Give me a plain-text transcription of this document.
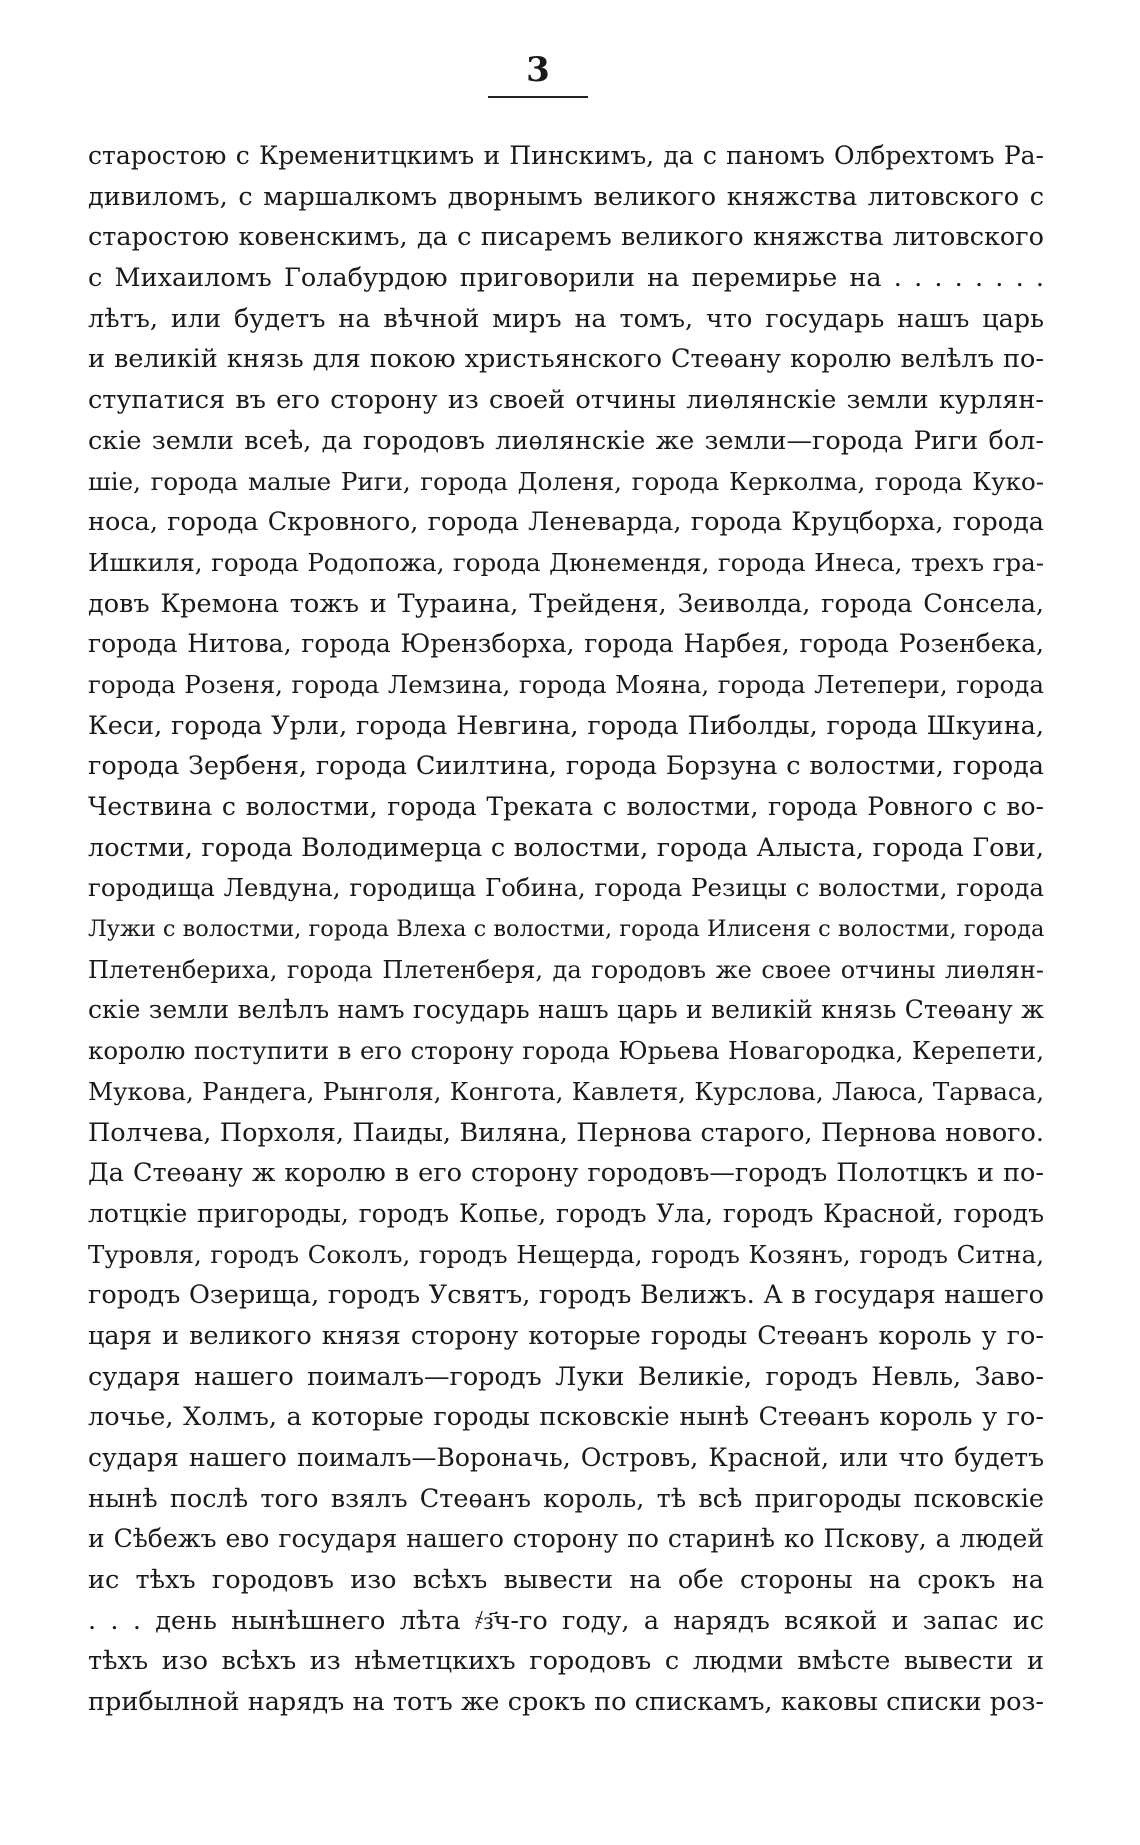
3
старостою с Кременитцкимъ и Пинскимъ, да с паномъ Олбрехтомъ Ра-
дивиломъ, с маршалкомъ дворнымъ великого княжства литовского с
старостою ковенскимъ, да с писаремъ великого княжства литовского
с Михаиломъ Голабурдою приговорили на перемирье на . . . . . . . .
лѣтъ, или будетъ на вѣчной миръ на томъ, что государь нашъ царь
и великiй князь для покою христьянского Стеѳану королю велѣлъ по-
ступатися въ его сторону из своей отчины лиѳлянскiе земли курлян-
скiе земли всеѣ, да городовъ лиѳлянскiе же земли—города Риги бол-
шiе, города малые Риги, города Доленя, города Керколма, города Куко-
носа, города Скровного, города Леневарда, города Круцборха, города
Ишкиля, города Родопожа, города Дюнемендя, города Инеса, трехъ гра-
довъ Кремона тожъ и Тураина, Трейденя, Зеиволда, города Сонсела,
города Нитова, города Юрензборха, города Нарбея, города Розенбека,
города Розеня, города Лемзина, города Мояна, города Летепери, города
Кеси, города Урли, города Невгина, города Пиболды, города Шкуина,
города Зербеня, города Сиилтина, города Борзуна с волостми, города
Чествина с волостми, города Треката с волостми, города Ровного с во-
лостми, города Володимерца с волостми, города Алыста, города Гови,
городища Левдуна, городища Гобина, города Резицы с волостми, города
Лужи с волостми, города Влеха с волостми, города Илисеня с волостми, города
Плетенбериха, города Плетенберя, да городовъ же своее отчины лиѳлян-
скiе земли велѣлъ намъ государь нашъ царь и великiй князь Стеѳану ж
королю поступити в его сторону города Юрьева Новагородка, Керепети,
Мукова, Рандега, Рынголя, Конгота, Кавлетя, Курслова, Лаюса, Тарваса,
Полчева, Порхоля, Паиды, Виляна, Пернова старого, Пернова нового.
Да Стеѳану ж королю в его сторону городовъ—городъ Полотцкъ и по-
лотцкiе пригороды, городъ Копье, городъ Ула, городъ Красной, городъ
Туровля, городъ Соколъ, городъ Нещерда, городъ Козянъ, городъ Ситна,
городъ Озерища, городъ Усвятъ, городъ Велижъ. А в государя нашего
царя и великого князя сторону которые городы Стеѳанъ король у го-
сударя нашего поималъ—городъ Луки Великiе, городъ Невль, Заво-
лочье, Холмъ, а которые городы псковскiе нынѣ Стеѳанъ король у го-
сударя нашего поималъ—Вороначь, Островъ, Красной, или что будетъ
нынѣ послѣ того взялъ Стеѳанъ король, тѣ всѣ пригороды псковскiе
и Сѣбежъ ево государя нашего сторону по старинѣ ко Пскову, а людей
ис тѣхъ городовъ изо всѣхъ вывести на обе стороны на срокъ на
. . . день нынѣшнего лѣта ҂з҃ч-го году, а нарядъ всякой и запас ис
тѣхъ изо всѣхъ из нѣметцкихъ городовъ с людми вмѣсте вывести и
прибылной нарядъ на тотъ же срокъ по спискамъ, каковы списки роз-
